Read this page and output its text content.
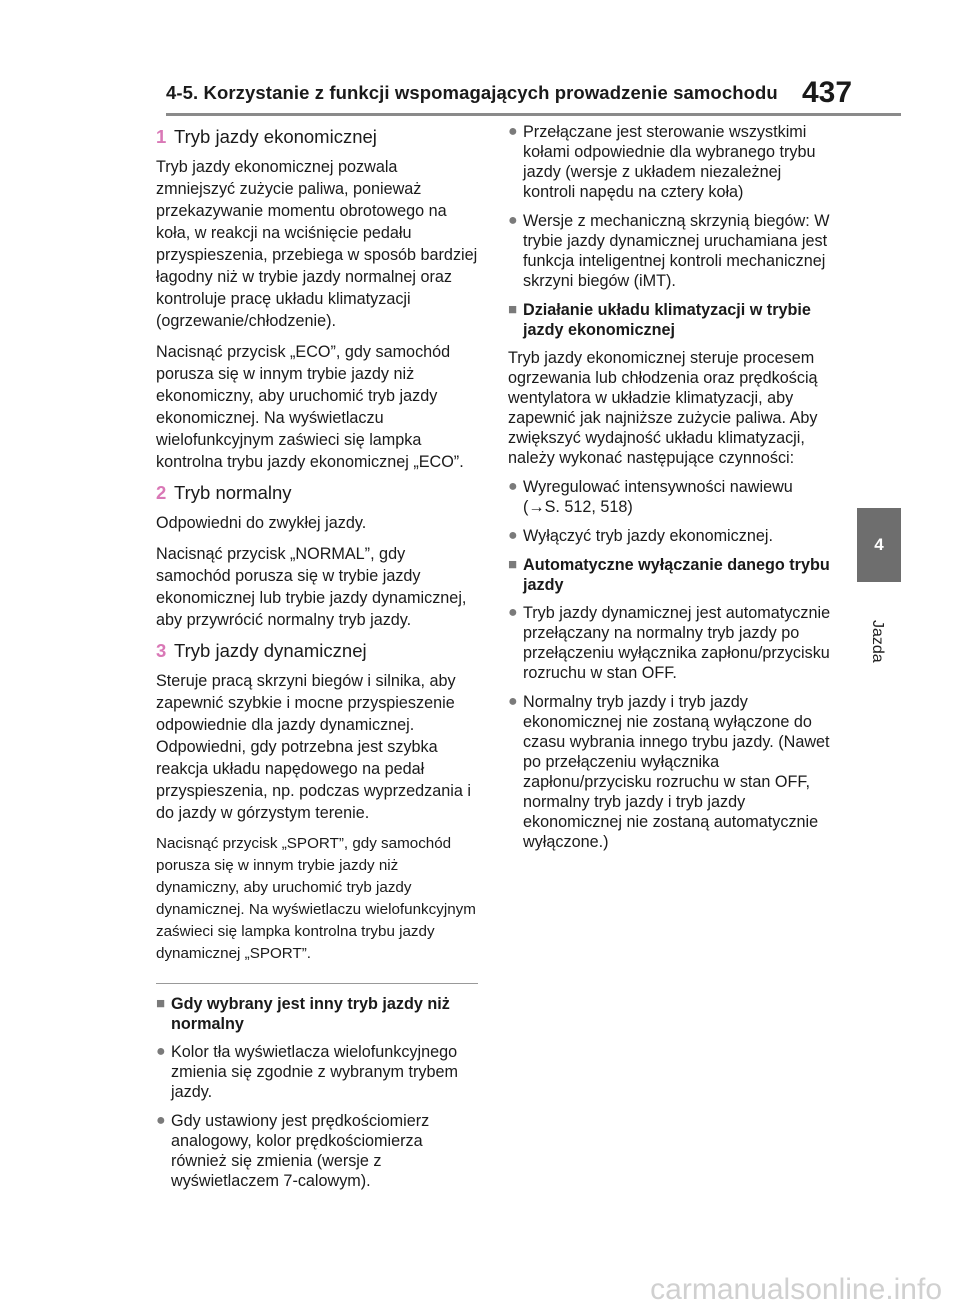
4-5. Korzystanie z funkcji wspomagających prowadzenie samochodu 437
4
Jazda
1 Tryb jazdy ekonomicznej

Tryb jazdy ekonomicznej pozwala zmniejszyć zużycie paliwa, ponieważ przekazywanie momentu obrotowego na koła, w reakcji na wciśnięcie pedału przyspieszenia, przebiega w sposób bardziej łagodny niż w trybie jazdy normalnej oraz kontroluje pracę układu klimatyzacji (ogrzewanie/chłodzenie).

Nacisnąć przycisk „ECO”, gdy samochód porusza się w innym trybie jazdy niż ekonomiczny, aby uruchomić tryb jazdy ekonomicznej. Na wyświetlaczu wielofunkcyjnym zaświeci się lampka kontrolna trybu jazdy ekonomicznej „ECO”.

2 Tryb normalny

Odpowiedni do zwykłej jazdy.

Nacisnąć przycisk „NORMAL”, gdy samochód porusza się w trybie jazdy ekonomicznej lub trybie jazdy dynamicznej, aby przywrócić normalny tryb jazdy.

3 Tryb jazdy dynamicznej

Steruje pracą skrzyni biegów i silnika, aby zapewnić szybkie i mocne przyspieszenie odpowiednie dla jazdy dynamicznej. Odpowiedni, gdy potrzebna jest szybka reakcja układu napędowego na pedał przyspieszenia, np. podczas wyprzedzania i do jazdy w górzystym terenie.

Nacisnąć przycisk „SPORT”, gdy samochód porusza się w innym trybie jazdy niż dynamiczny, aby uruchomić tryb jazdy dynamicznej. Na wyświetlaczu wielofunkcyjnym zaświeci się lampka kontrolna trybu jazdy dynamicznej „SPORT”.

■ Gdy wybrany jest inny tryb jazdy niż normalny
● Kolor tła wyświetlacza wielofunkcyjnego zmienia się zgodnie z wybranym trybem jazdy.
● Gdy ustawiony jest prędkościomierz analogowy, kolor prędkościomierza również się zmienia (wersje z wyświetlaczem 7-calowym).
● Przełączane jest sterowanie wszystkimi kołami odpowiednie dla wybranego trybu jazdy (wersje z układem niezależnej kontroli napędu na cztery koła)
● Wersje z mechaniczną skrzynią biegów: W trybie jazdy dynamicznej uruchamiana jest funkcja inteligentnej kontroli mechanicznej skrzyni biegów (iMT).
■ Działanie układu klimatyzacji w trybie jazdy ekonomicznej

Tryb jazdy ekonomicznej steruje procesem ogrzewania lub chłodzenia oraz prędkością wentylatora w układzie klimatyzacji, aby zapewnić jak najniższe zużycie paliwa. Aby zwiększyć wydajność układu klimatyzacji, należy wykonać następujące czynności:

● Wyregulować intensywności nawiewu (→S. 512, 518)
● Wyłączyć tryb jazdy ekonomicznej.
■ Automatyczne wyłączanie danego trybu jazdy
● Tryb jazdy dynamicznej jest automatycznie przełączany na normalny tryb jazdy po przełączeniu wyłącznika zapłonu/przycisku rozruchu w stan OFF.
● Normalny tryb jazdy i tryb jazdy ekonomicznej nie zostaną wyłączone do czasu wybrania innego trybu jazdy. (Nawet po przełączeniu wyłącznika zapłonu/przycisku rozruchu w stan OFF, normalny tryb jazdy i tryb jazdy ekonomicznej nie zostaną automatycznie wyłączone.)
carmanualsonline.info
